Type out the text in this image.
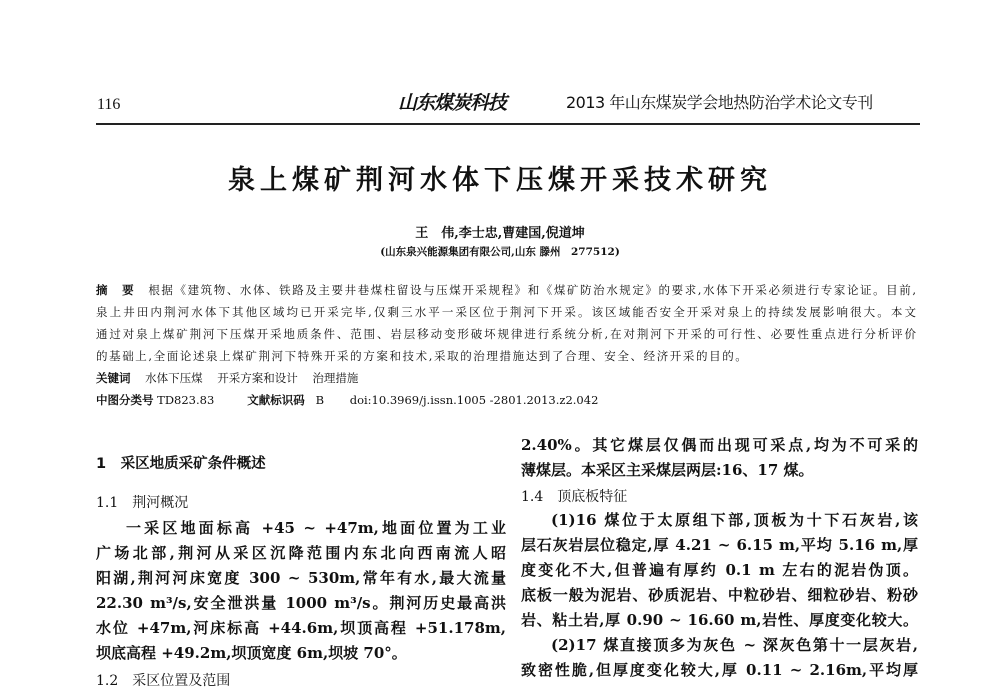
116	山东煤炭科技	2013 年山东煤炭学会地热防治学术论文专刊
泉上煤矿荆河水体下压煤开采技术研究
王　伟,李士忠,曹建国,倪道坤
(山东泉兴能源集团有限公司,山东 滕州　277512)
摘　要　 根据《建筑物、水体、铁路及主要井巷煤柱留设与压煤开采规程》和《煤矿防治水规定》的要求,水体下开采必须进行专家论证。目前,
泉上井田内荆河水体下其他区域均已开采完毕,仅剩三水平一采区位于荆河下开采。该区域能否安全开采对泉上的持续发展影响很大。本文
通过对泉上煤矿荆河下压煤开采地质条件、范围、岩层移动变形破坏规律进行系统分析,在对荆河下开采的可行性、必要性重点进行分析评价
的基础上,全面论述泉上煤矿荆河下特殊开采的方案和技术,采取的治理措施达到了合理、安全、经济开采的目的。
关键词 水体下压煤 开采方案和设计 治理措施
中图分类号 TD823.83	文献标识码 B doi:10.3969/j.issn.1005 -2801.2013.z2.042
1　采区地质采矿条件概述
1.1　荆河概况
一采区地面标高 +45 ~ +47m,地面位置为工业
广场北部,荆河从采区沉降范围内东北向西南流人昭
阳湖,荆河河床宽度 300 ~ 530m,常年有水,最大流量
22.30 m³/s,安全泄洪量 1000 m³/s。荆河历史最高洪
水位 +47m,河床标高 +44.6m,坝顶高程 +51.178m,
坝底高程 +49.2m,坝顶宽度 6m,坝坡 70°。
1.2　采区位置及范围
2.40%。其它煤层仅偶而出现可采点,均为不可采的
薄煤层。本采区主采煤层两层:16、17 煤。
1.4　顶底板特征
(1)16 煤位于太原组下部,顶板为十下石灰岩,该
层石灰岩层位稳定,厚 4.21 ~ 6.15 m,平均 5.16 m,厚
度变化不大,但普遍有厚约 0.1 m 左右的泥岩伪顶。
底板一般为泥岩、砂质泥岩、中粒砂岩、细粒砂岩、粉砂
岩、粘土岩,厚 0.90 ~ 16.60 m,岩性、厚度变化较大。
(2)17 煤直接顶多为灰色 ~ 深灰色第十一层灰岩,
致密性脆,但厚度变化较大,厚 0.11 ~ 2.16m,平均厚
